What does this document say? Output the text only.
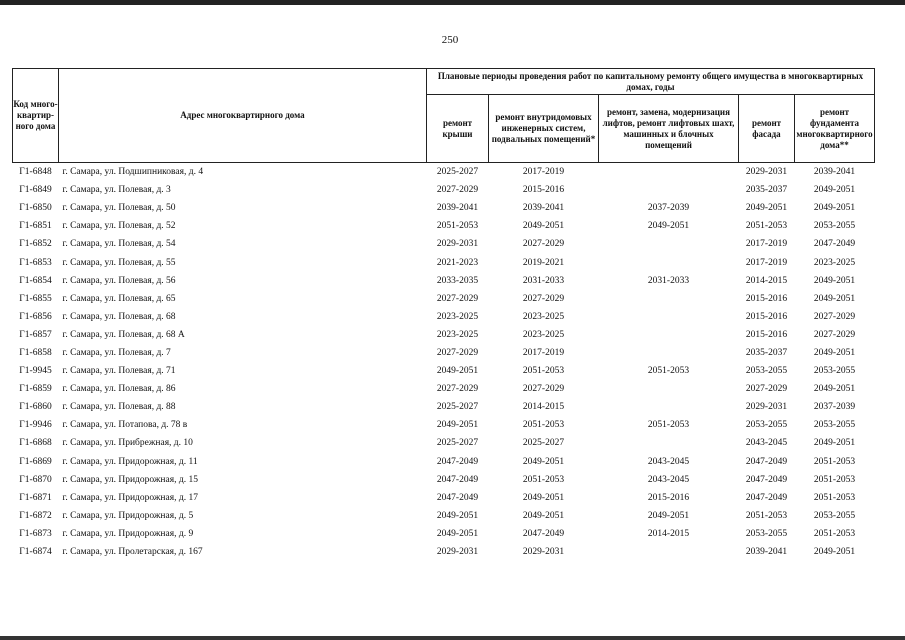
250
Код много-квартир-ного дома	Адрес многоквартирного дома	Плановые периоды проведения работ по капитальному ремонту общего имущества в многоквартирных домах, годы				
		ремонт крыши	ремонт внутридомовых инженерных систем, подвальных помещений*	ремонт, замена, модернизация лифтов, ремонт лифтовых шахт, машинных и блочных помещений	ремонт фасада	ремонт фундамента многоквартирного дома**
Г1-6848	г. Самара, ул. Подшипниковая, д. 4	2025-2027	2017-2019		2029-2031	2039-2041
Г1-6849	г. Самара, ул. Полевая, д. 3	2027-2029	2015-2016		2035-2037	2049-2051
Г1-6850	г. Самара, ул. Полевая, д. 50	2039-2041	2039-2041	2037-2039	2049-2051	2049-2051
Г1-6851	г. Самара, ул. Полевая, д. 52	2051-2053	2049-2051	2049-2051	2051-2053	2053-2055
Г1-6852	г. Самара, ул. Полевая, д. 54	2029-2031	2027-2029		2017-2019	2047-2049
Г1-6853	г. Самара, ул. Полевая, д. 55	2021-2023	2019-2021		2017-2019	2023-2025
Г1-6854	г. Самара, ул. Полевая, д. 56	2033-2035	2031-2033	2031-2033	2014-2015	2049-2051
Г1-6855	г. Самара, ул. Полевая, д. 65	2027-2029	2027-2029		2015-2016	2049-2051
Г1-6856	г. Самара, ул. Полевая, д. 68	2023-2025	2023-2025		2015-2016	2027-2029
Г1-6857	г. Самара, ул. Полевая, д. 68 А	2023-2025	2023-2025		2015-2016	2027-2029
Г1-6858	г. Самара, ул. Полевая, д. 7	2027-2029	2017-2019		2035-2037	2049-2051
Г1-9945	г. Самара, ул. Полевая, д. 71	2049-2051	2051-2053	2051-2053	2053-2055	2053-2055
Г1-6859	г. Самара, ул. Полевая, д. 86	2027-2029	2027-2029		2027-2029	2049-2051
Г1-6860	г. Самара, ул. Полевая, д. 88	2025-2027	2014-2015		2029-2031	2037-2039
Г1-9946	г. Самара, ул. Потапова, д. 78 в	2049-2051	2051-2053	2051-2053	2053-2055	2053-2055
Г1-6868	г. Самара, ул. Прибрежная, д. 10	2025-2027	2025-2027		2043-2045	2049-2051
Г1-6869	г. Самара, ул. Придорожная, д. 11	2047-2049	2049-2051	2043-2045	2047-2049	2051-2053
Г1-6870	г. Самара, ул. Придорожная, д. 15	2047-2049	2051-2053	2043-2045	2047-2049	2051-2053
Г1-6871	г. Самара, ул. Придорожная, д. 17	2047-2049	2049-2051	2015-2016	2047-2049	2051-2053
Г1-6872	г. Самара, ул. Придорожная, д. 5	2049-2051	2049-2051	2049-2051	2051-2053	2053-2055
Г1-6873	г. Самара, ул. Придорожная, д. 9	2049-2051	2047-2049	2014-2015	2053-2055	2051-2053
Г1-6874	г. Самара, ул. Пролетарская, д. 167	2029-2031	2029-2031		2039-2041	2049-2051
